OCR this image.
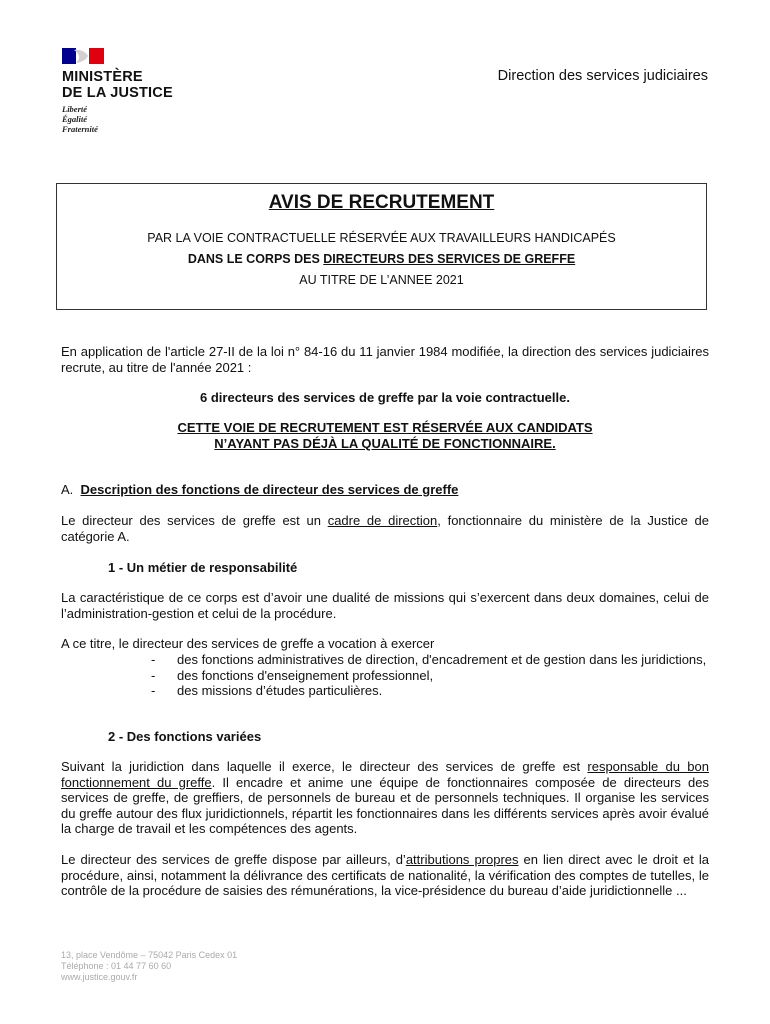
MINISTÈRE
DE LA JUSTICE
Liberté
Égalité
Fraternité
Direction des services judiciaires
AVIS DE RECRUTEMENT
PAR LA VOIE CONTRACTUELLE RÉSERVÉE AUX TRAVAILLEURS HANDICAPÉS
DANS LE CORPS DES DIRECTEURS DES SERVICES DE GREFFE
AU TITRE DE L’ANNEE 2021
En application de l'article 27-II de la loi n° 84-16 du 11 janvier 1984 modifiée, la direction des services judiciaires recrute, au titre de l'année 2021 :
6 directeurs des services de greffe par la voie contractuelle.
CETTE VOIE DE RECRUTEMENT EST RÉSERVÉE AUX CANDIDATS
N’AYANT PAS DÉJÀ LA QUALITÉ DE FONCTIONNAIRE.
A. Description des fonctions de directeur des services de greffe
Le directeur des services de greffe est un cadre de direction, fonctionnaire du ministère de la Justice de catégorie A.
1 - Un métier de responsabilité
La caractéristique de ce corps est d’avoir une dualité de missions qui s’exercent dans deux domaines, celui de l’administration-gestion et celui de la procédure.
A ce titre, le directeur des services de greffe a vocation à exercer
- des fonctions administratives de direction, d'encadrement et de gestion dans les juridictions,
- des fonctions d'enseignement professionnel,
- des missions d’études particulières.
2 - Des fonctions variées
Suivant la juridiction dans laquelle il exerce, le directeur des services de greffe est responsable du bon fonctionnement du greffe. Il encadre et anime une équipe de fonctionnaires composée de directeurs des services de greffe, de greffiers, de personnels de bureau et de personnels techniques. Il organise les services du greffe autour des flux juridictionnels, répartit les fonctionnaires dans les différents services après avoir évalué la charge de travail et les compétences des agents.
Le directeur des services de greffe dispose par ailleurs, d’attributions propres en lien direct avec le droit et la procédure, ainsi, notamment la délivrance des certificats de nationalité, la vérification des comptes de tutelles, le contrôle de la procédure de saisies des rémunérations, la vice-présidence du bureau d’aide juridictionnelle ...
13, place Vendôme – 75042 Paris Cedex 01
Téléphone : 01 44 77 60 60
www.justice.gouv.fr
